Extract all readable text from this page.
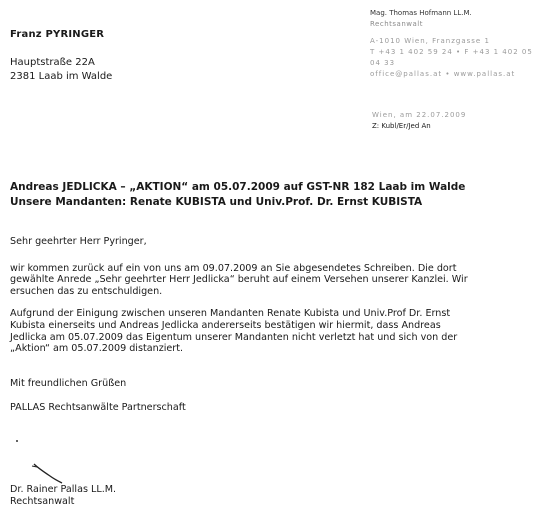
Mag. Thomas Hofmann LL.M.
Rechtsanwalt
A-1010 Wien, Franzgasse 1
T +43 1 402 59 24 • F +43 1 402 05 04 33
office@pallas.at • www.pallas.at
Franz PYRINGER
Hauptstraße 22A
2381 Laab im Walde
Wien, am 22.07.2009
Z: Kubl/Er/Jed An
Andreas JEDLICKA – „AKTION“ am 05.07.2009 auf GST-NR 182 Laab im Walde
Unsere Mandanten: Renate KUBISTA und Univ.Prof. Dr. Ernst KUBISTA

Sehr geehrter Herr Pyringer,

wir kommen zurück auf ein von uns am 09.07.2009 an Sie abgesendetes Schreiben. Die dort gewählte Anrede „Sehr geehrter Herr Jedlicka“ beruht auf einem Versehen unserer Kanzlei. Wir ersuchen das zu entschuldigen.

Aufgrund der Einigung zwischen unseren Mandanten Renate Kubista und Univ.Prof Dr. Ernst Kubista einerseits und Andreas Jedlicka andererseits bestätigen wir hiermit, dass Andreas Jedlicka am 05.07.2009 das Eigentum unserer Mandanten nicht verletzt hat und sich von der „Aktion“ am 05.07.2009 distanziert.

Mit freundlichen Grüßen
PALLAS Rechtsanwälte Partnerschaft
Dr. Rainer Pallas LL.M.
Rechtsanwalt
